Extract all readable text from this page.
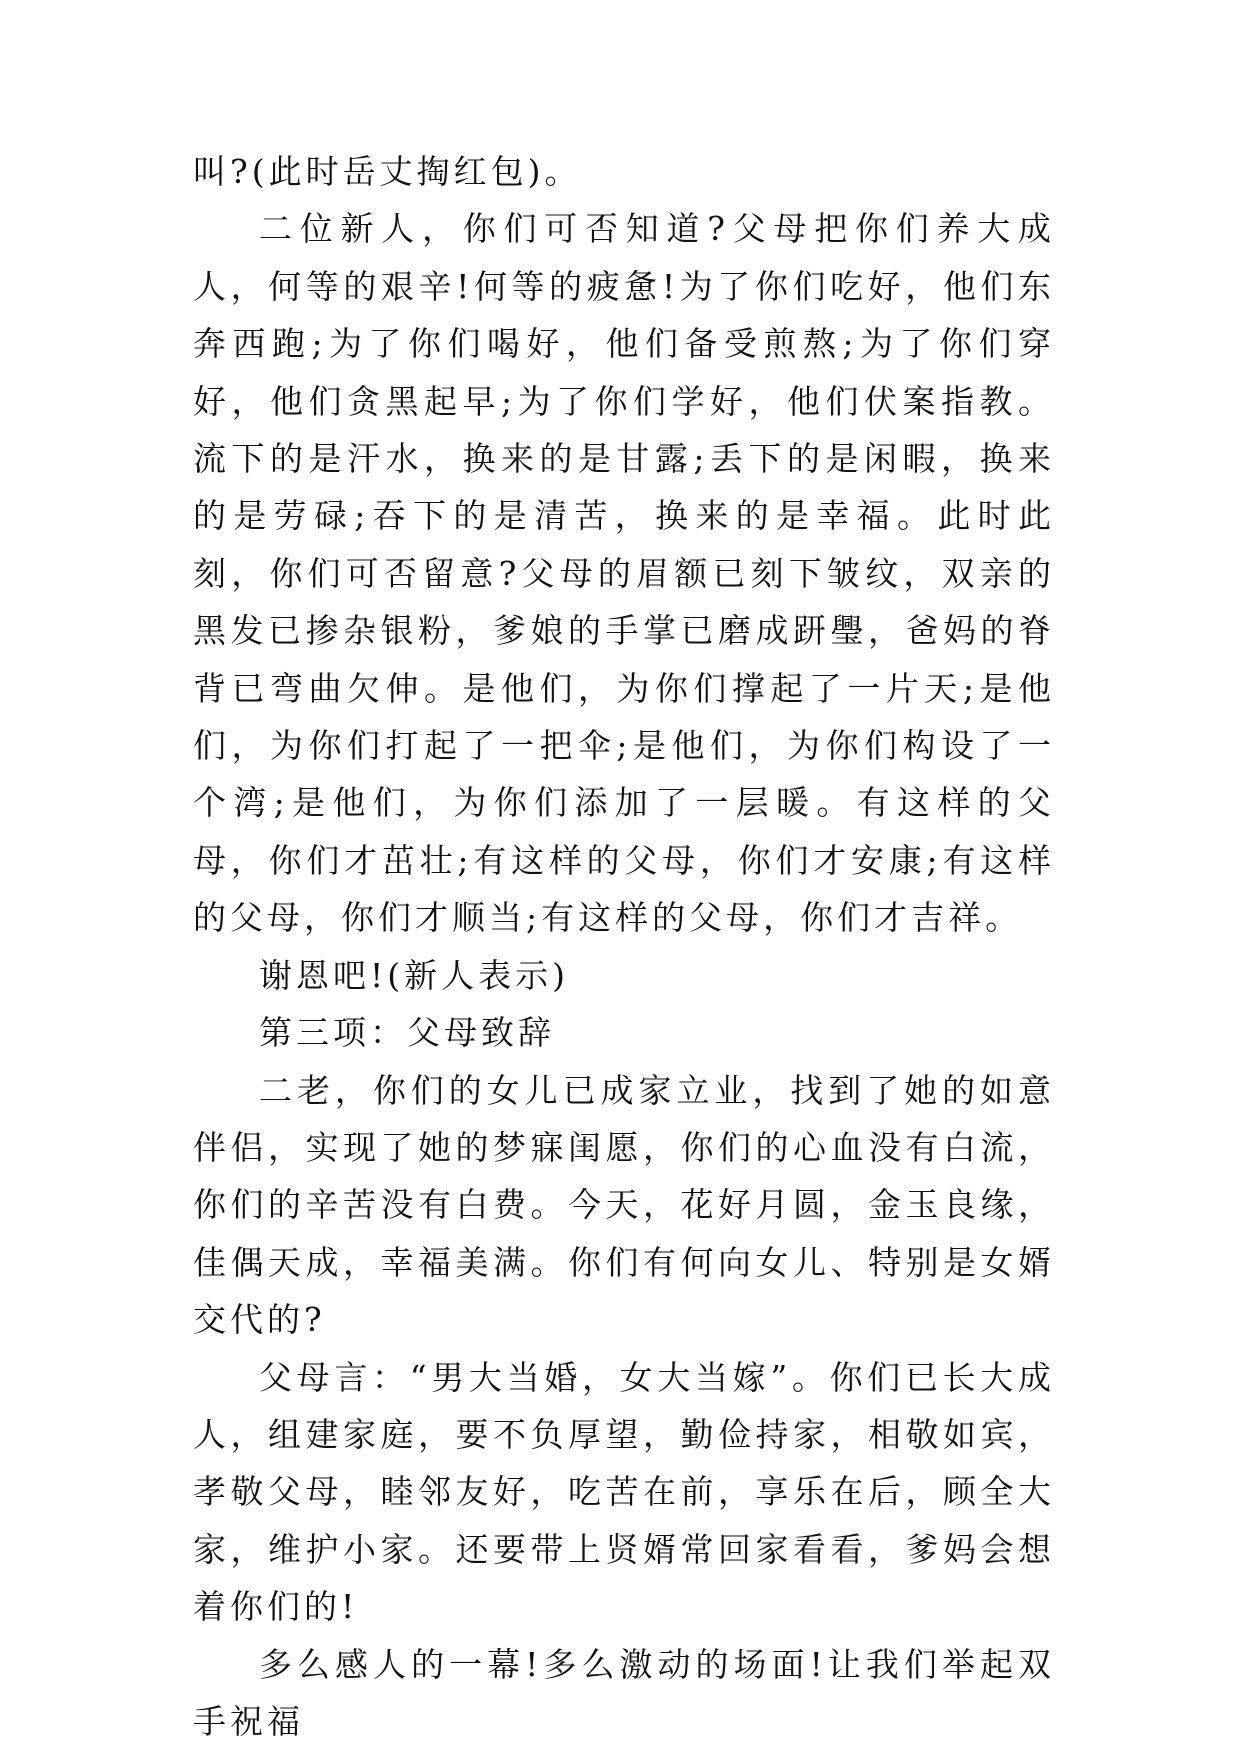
叫?(此时岳丈掏红包)。

二位新人，你们可否知道?父母把你们养大成人，何等的艰辛!何等的疲惫!为了你们吃好，他们东奔西跑;为了你们喝好，他们备受煎熬;为了你们穿好，他们贪黑起早;为了你们学好，他们伏案指教。流下的是汗水，换来的是甘露;丢下的是闲暇，换来的是劳碌;吞下的是清苦，换来的是幸福。此时此刻，你们可否留意?父母的眉额已刻下皱纹，双亲的黑发已掺杂银粉，爹娘的手掌已磨成趼璺，爸妈的脊背已弯曲欠伸。是他们，为你们撑起了一片天;是他们，为你们打起了一把伞;是他们，为你们构设了一个湾;是他们，为你们添加了一层暖。有这样的父母，你们才茁壮;有这样的父母，你们才安康;有这样的父母，你们才顺当;有这样的父母，你们才吉祥。

谢恩吧!(新人表示)

第三项：父母致辞

二老，你们的女儿已成家立业，找到了她的如意伴侣，实现了她的梦寐闺愿，你们的心血没有白流，你们的辛苦没有白费。今天，花好月圆，金玉良缘，佳偶天成，幸福美满。你们有何向女儿、特别是女婿交代的?

父母言：“男大当婚，女大当嫁”。你们已长大成人，组建家庭，要不负厚望，勤俭持家，相敬如宾，孝敬父母，睦邻友好，吃苦在前，享乐在后，顾全大家，维护小家。还要带上贤婿常回家看看，爹妈会想着你们的!

多么感人的一幕!多么激动的场面!让我们举起双手祝福
